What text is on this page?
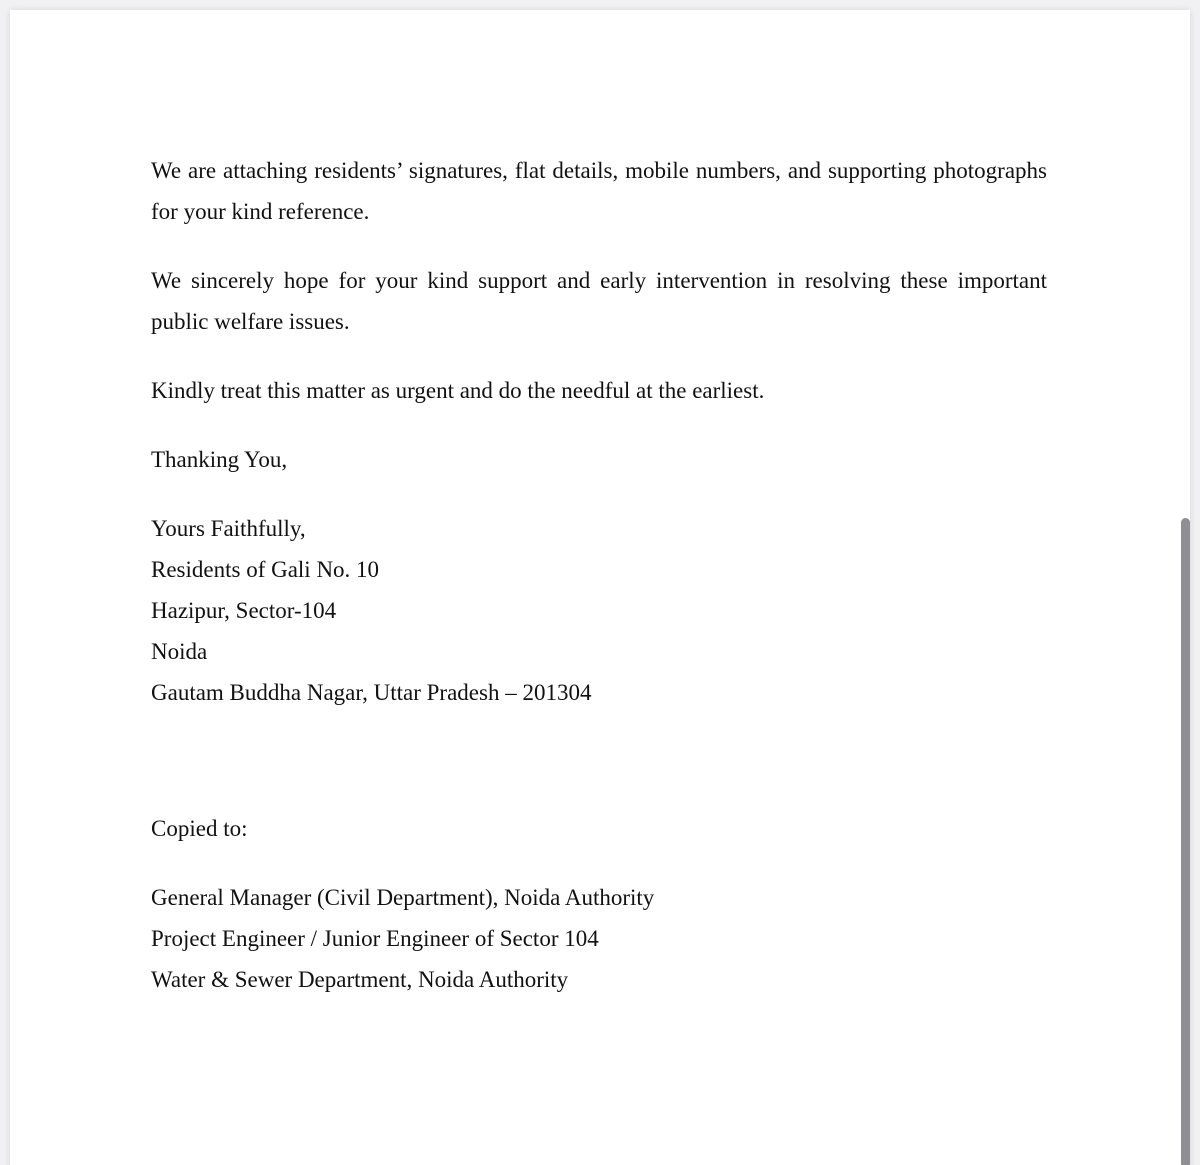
We are attaching residents’ signatures, flat details, mobile numbers, and supporting photographs for your kind reference.

We sincerely hope for your kind support and early intervention in resolving these important public welfare issues.

Kindly treat this matter as urgent and do the needful at the earliest.

Thanking You,

Yours Faithfully,

Residents of Gali No. 10

Hazipur, Sector-104

Noida

Gautam Buddha Nagar, Uttar Pradesh – 201304

Copied to:

General Manager (Civil Department), Noida Authority

Project Engineer / Junior Engineer of Sector 104

Water & Sewer Department, Noida Authority
